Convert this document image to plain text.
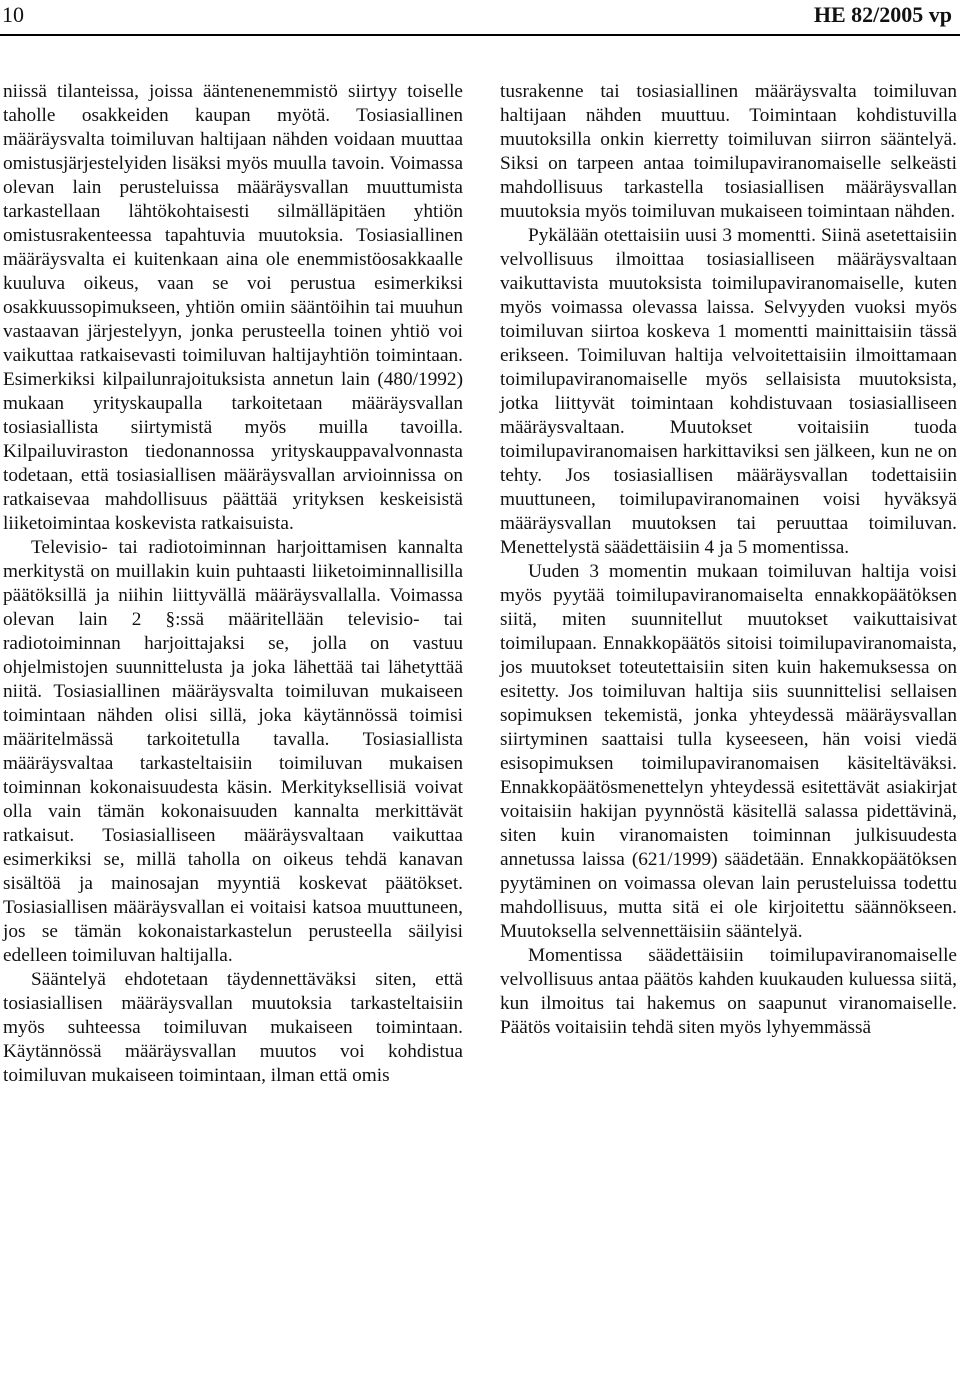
10	HE 82/2005 vp

niissä tilanteissa, joissa ääntenenemmistö siirtyy toiselle taholle osakkeiden kaupan myötä. Tosiasiallinen määräysvalta toimiluvan haltijaan nähden voidaan muuttaa omistusjärjestelyiden lisäksi myös muulla tavoin. Voimassa olevan lain perusteluissa määräysvallan muuttumista tarkastellaan lähtökohtaisesti silmälläpitäen yhtiön omistusrakenteessa tapahtuvia muutoksia. Tosiasiallinen määräysvalta ei kuitenkaan aina ole enemmistöosakkaalle kuuluva oikeus, vaan se voi perustua esimerkiksi osakkuussopimukseen, yhtiön omiin sääntöihin tai muuhun vastaavan järjestelyyn, jonka perusteella toinen yhtiö voi vaikuttaa ratkaisevasti toimiluvan haltijayhtiön toimintaan. Esimerkiksi kilpailunrajoituksista annetun lain (480/1992) mukaan yrityskaupalla tarkoitetaan määräysvallan tosiasiallista siirtymistä myös muilla tavoilla. Kilpailuviraston tiedonannossa yrityskauppavalvonnasta todetaan, että tosiasiallisen määräysvallan arvioinnissa on ratkaisevaa mahdollisuus päättää yrityksen keskeisistä liiketoimintaa koskevista ratkaisuista.

Televisio- tai radiotoiminnan harjoittamisen kannalta merkitystä on muillakin kuin puhtaasti liiketoiminnallisilla päätöksillä ja niihin liittyvällä määräysvallalla. Voimassa olevan lain 2 §:ssä määritellään televisio- tai radiotoiminnan harjoittajaksi se, jolla on vastuu ohjelmistojen suunnittelusta ja joka lähettää tai lähetyttää niitä. Tosiasiallinen määräysvalta toimiluvan mukaiseen toimintaan nähden olisi sillä, joka käytännössä toimisi määritelmässä tarkoitetulla tavalla. Tosiasiallista määräysvaltaa tarkasteltaisiin toimiluvan mukaisen toiminnan kokonaisuudesta käsin. Merkityksellisiä voivat olla vain tämän kokonaisuuden kannalta merkittävät ratkaisut. Tosiasialliseen määräysvaltaan vaikuttaa esimerkiksi se, millä taholla on oikeus tehdä kanavan sisältöä ja mainosajan myyntiä koskevat päätökset. Tosiasiallisen määräysvallan ei voitaisi katsoa muuttuneen, jos se tämän kokonaistarkastelun perusteella säilyisi edelleen toimiluvan haltijalla.

Sääntelyä ehdotetaan täydennettäväksi siten, että tosiasiallisen määräysvallan muutoksia tarkasteltaisiin myös suhteessa toimiluvan mukaiseen toimintaan. Käytännössä määräysvallan muutos voi kohdistua toimiluvan mukaiseen toimintaan, ilman että omis

tusrakenne tai tosiasiallinen määräysvalta toimiluvan haltijaan nähden muuttuu. Toimintaan kohdistuvilla muutoksilla onkin kierretty toimiluvan siirron sääntelyä. Siksi on tarpeen antaa toimilupaviranomaiselle selkeästi mahdollisuus tarkastella tosiasiallisen määräysvallan muutoksia myös toimiluvan mukaiseen toimintaan nähden.

Pykälään otettaisiin uusi 3 momentti. Siinä asetettaisiin velvollisuus ilmoittaa tosiasialliseen määräysvaltaan vaikuttavista muutoksista toimilupaviranomaiselle, kuten myös voimassa olevassa laissa. Selvyyden vuoksi myös toimiluvan siirtoa koskeva 1 momentti mainittaisiin tässä erikseen. Toimiluvan haltija velvoitettaisiin ilmoittamaan toimilupaviranomaiselle myös sellaisista muutoksista, jotka liittyvät toimintaan kohdistuvaan tosiasialliseen määräysvaltaan. Muutokset voitaisiin tuoda toimilupaviranomaisen harkittaviksi sen jälkeen, kun ne on tehty. Jos tosiasiallisen määräysvallan todettaisiin muuttuneen, toimilupaviranomainen voisi hyväksyä määräysvallan muutoksen tai peruuttaa toimiluvan. Menettelystä säädettäisiin 4 ja 5 momentissa.

Uuden 3 momentin mukaan toimiluvan haltija voisi myös pyytää toimilupaviranomaiselta ennakkopäätöksen siitä, miten suunnitellut muutokset vaikuttaisivat toimilupaan. Ennakkopäätös sitoisi toimilupaviranomaista, jos muutokset toteutettaisiin siten kuin hakemuksessa on esitetty. Jos toimiluvan haltija siis suunnittelisi sellaisen sopimuksen tekemistä, jonka yhteydessä määräysvallan siirtyminen saattaisi tulla kyseeseen, hän voisi viedä esisopimuksen toimilupaviranomaisen käsiteltäväksi. Ennakkopäätösmenettelyn yhteydessä esitettävät asiakirjat voitaisiin hakijan pyynnöstä käsitellä salassa pidettävinä, siten kuin viranomaisten toiminnan julkisuudesta annetussa laissa (621/1999) säädetään. Ennakkopäätöksen pyytäminen on voimassa olevan lain perusteluissa todettu mahdollisuus, mutta sitä ei ole kirjoitettu säännökseen. Muutoksella selvennettäisiin sääntelyä.

Momentissa säädettäisiin toimilupaviranomaiselle velvollisuus antaa päätös kahden kuukauden kuluessa siitä, kun ilmoitus tai hakemus on saapunut viranomaiselle. Päätös voitaisiin tehdä siten myös lyhyemmässä
